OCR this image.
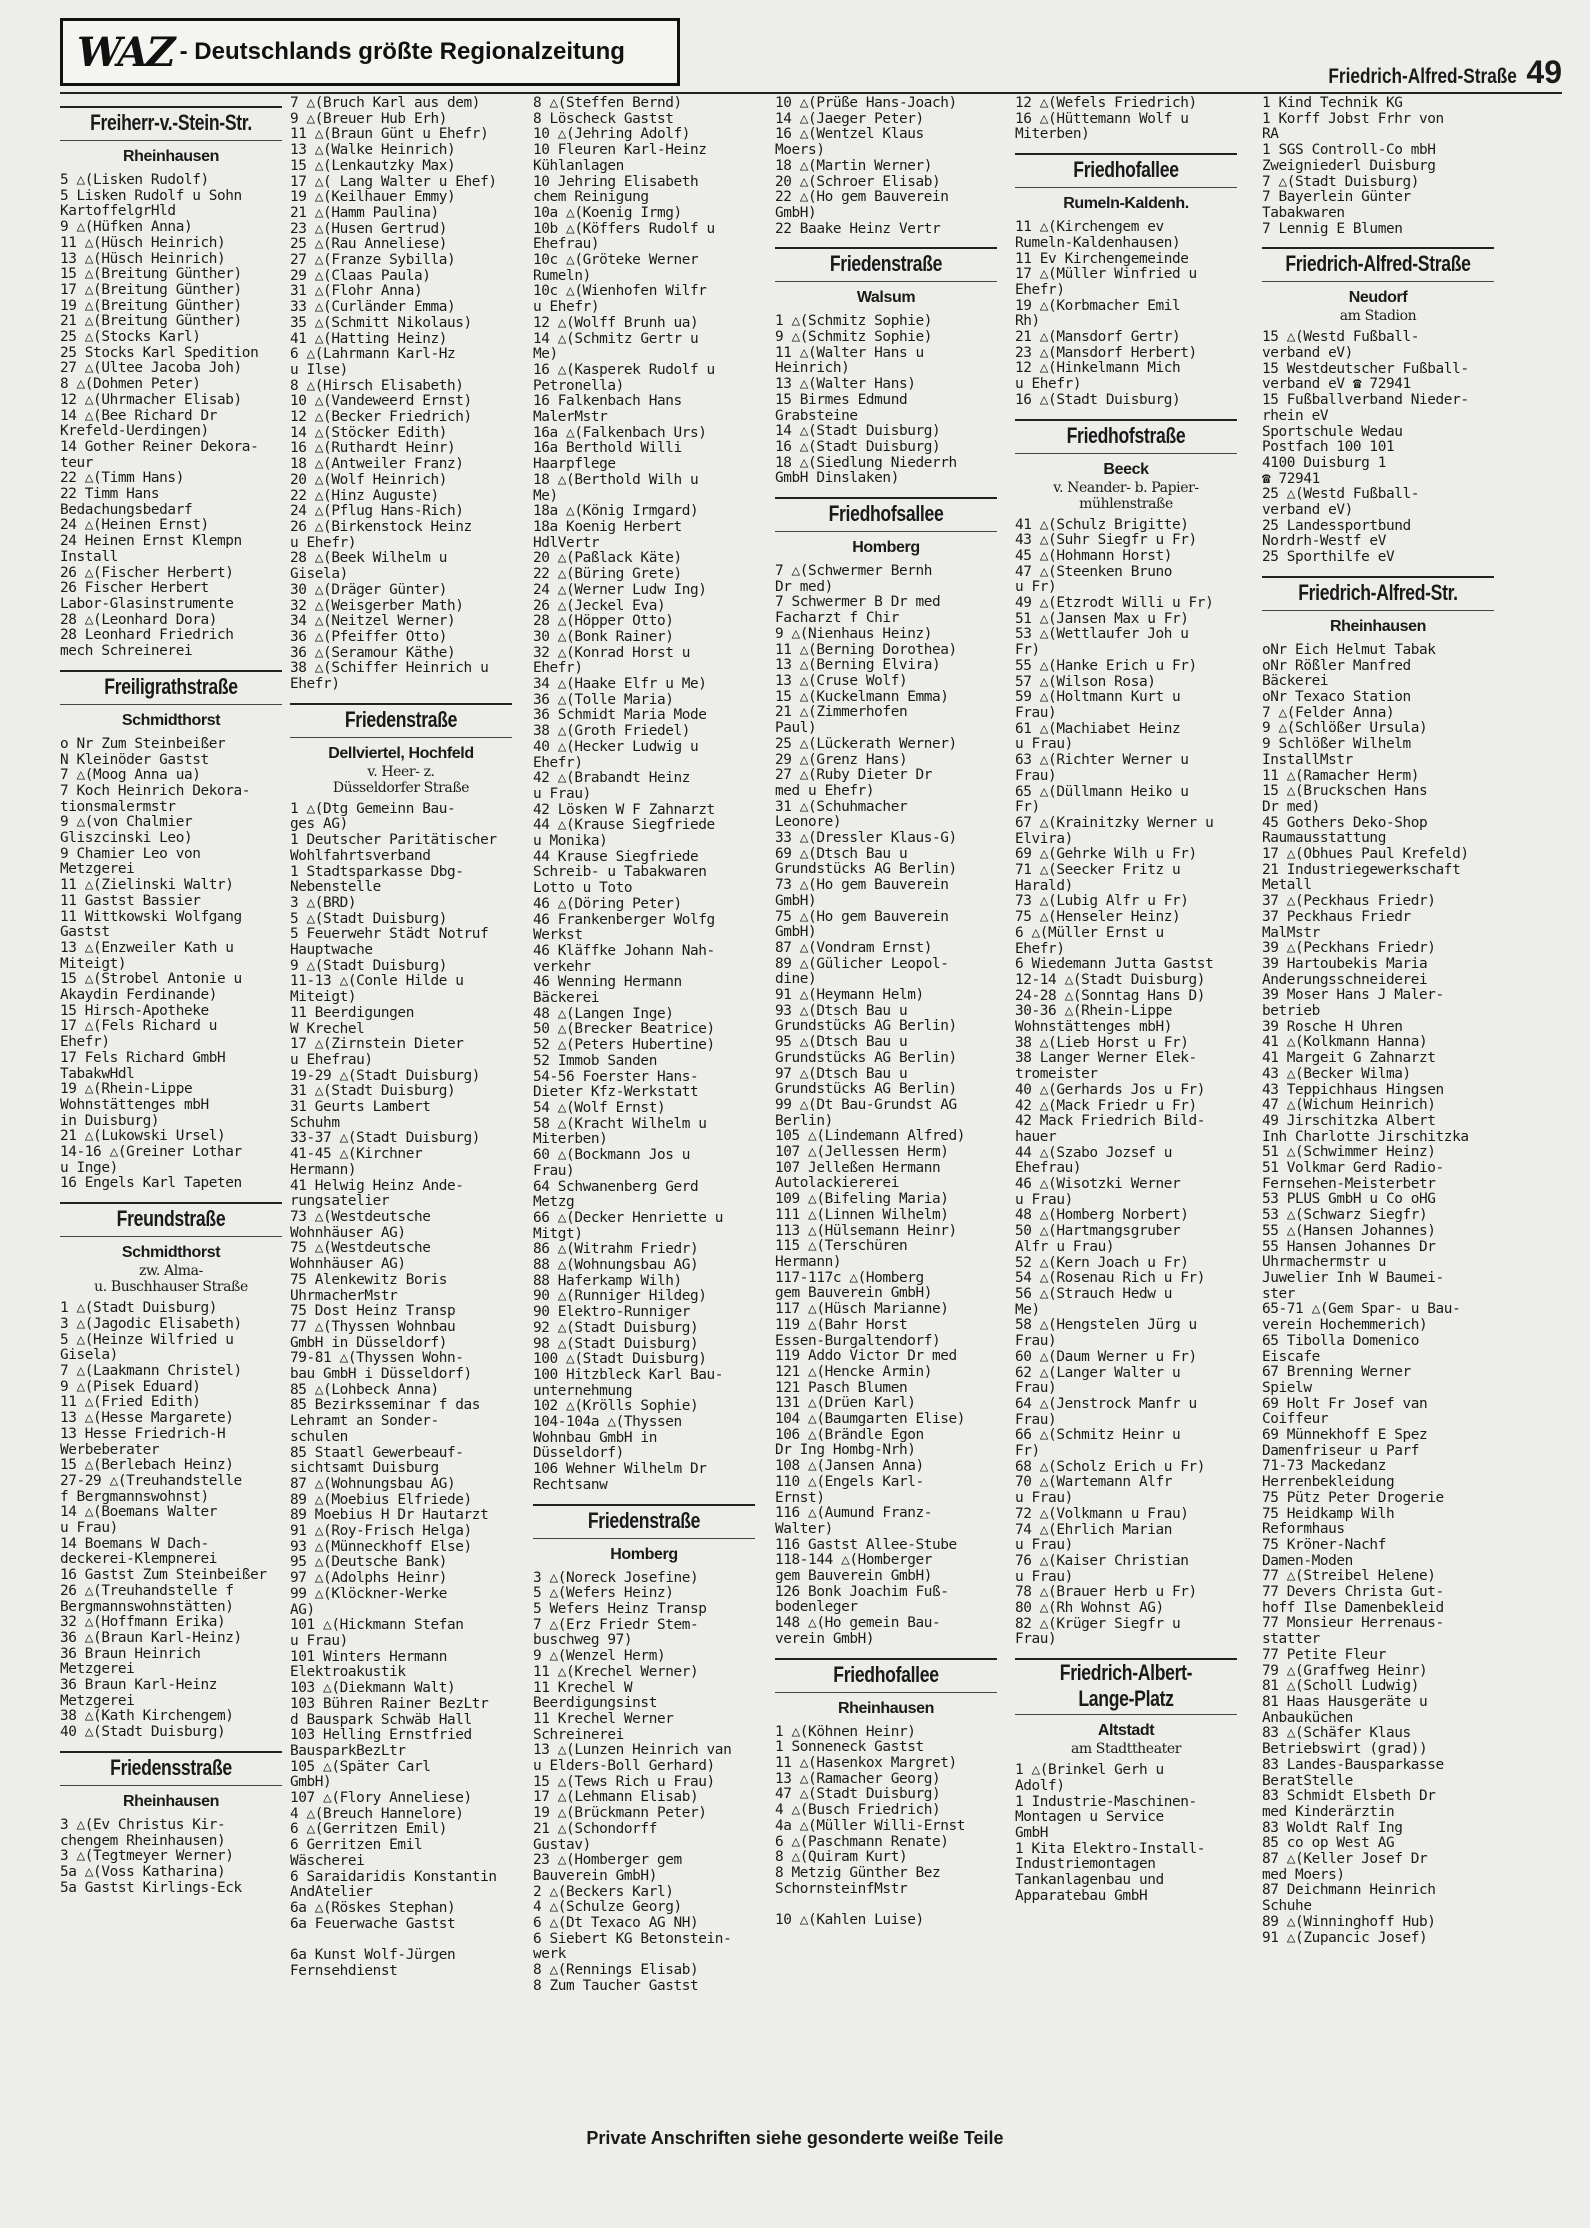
WAZ - Deutschlands größte Regionalzeitung
Friedrich-Alfred-Straße 49
Freiherr-v.-Stein-Str.
Rheinhausen

5 △(Lisken Rudolf)
5 Lisken Rudolf u Sohn
KartoffelgrHld
9 △(Hüfken Anna)
11 △(Hüsch Heinrich)
13 △(Hüsch Heinrich)
15 △(Breitung Günther)
17 △(Breitung Günther)
19 △(Breitung Günther)
21 △(Breitung Günther)
25 △(Stocks Karl)
25 Stocks Karl Spedition
27 △(Ultee Jacoba Joh)
8 △(Dohmen Peter)
12 △(Uhrmacher Elisab)
14 △(Bee Richard Dr
Krefeld-Uerdingen)
14 Gother Reiner Dekora-
teur
22 △(Timm Hans)
22 Timm Hans
Bedachungsbedarf
24 △(Heinen Ernst)
24 Heinen Ernst Klempn
Install
26 △(Fischer Herbert)
26 Fischer Herbert
Labor-Glasinstrumente
28 △(Leonhard Dora)
28 Leonhard Friedrich
mech Schreinerei
Freiligrathstraße
Schmidthorst

o Nr Zum Steinbeißer
N Kleinöder Gastst
7 △(Moog Anna ua)
7 Koch Heinrich Dekora-
tionsmalermstr
9 △(von Chalmier
Gliszcinski Leo)
9 Chamier Leo von
Metzgerei
11 △(Zielinski Waltr)
11 Gastst Bassier
11 Wittkowski Wolfgang
Gastst
13 △(Enzweiler Kath u
Miteigt)
15 △(Strobel Antonie u
Akaydin Ferdinande)
15 Hirsch-Apotheke
17 △(Fels Richard u
Ehefr)
17 Fels Richard GmbH
TabakwHdl
19 △(Rhein-Lippe
Wohnstättenges mbH
in Duisburg)
21 △(Lukowski Ursel)
14-16 △(Greiner Lothar
u Inge)
16 Engels Karl Tapeten
Freundstraße
Schmidthorst
zw. Alma-
u. Buschhauser Straße

1 △(Stadt Duisburg)
3 △(Jagodic Elisabeth)
5 △(Heinze Wilfried u
Gisela)
7 △(Laakmann Christel)
9 △(Pisek Eduard)
11 △(Fried Edith)
13 △(Hesse Margarete)
13 Hesse Friedrich-H
Werbeberater
15 △(Berlebach Heinz)
27-29 △(Treuhandstelle
f Bergmannswohnst)
14 △(Boemans Walter
u Frau)
14 Boemans W Dach-
deckerei-Klempnerei
16 Gastst Zum Steinbeißer
26 △(Treuhandstelle f
Bergmannswohnstätten)
32 △(Hoffmann Erika)
36 △(Braun Karl-Heinz)
36 Braun Heinrich
Metzgerei
36 Braun Karl-Heinz
Metzgerei
38 △(Kath Kirchengem)
40 △(Stadt Duisburg)
Friedensstraße
Rheinhausen

3 △(Ev Christus Kir-
chengem Rheinhausen)
3 △(Tegtmeyer Werner)
5a △(Voss Katharina)
5a Gastst Kirlings-Eck
7 △(Bruch Karl aus dem)
9 △(Breuer Hub Erh)
11 △(Braun Günt u Ehefr)
13 △(Walke Heinrich)
15 △(Lenkautzky Max)
17 △( Lang Walter u Ehef)
19 △(Keilhauer Emmy)
21 △(Hamm Paulina)
23 △(Husen Gertrud)
25 △(Rau Anneliese)
27 △(Franze Sybilla)
29 △(Claas Paula)
31 △(Flohr Anna)
33 △(Curländer Emma)
35 △(Schmitt Nikolaus)
41 △(Hatting Heinz)
6 △(Lahrmann Karl-Hz
u Ilse)
8 △(Hirsch Elisabeth)
10 △(Vandeweerd Ernst)
12 △(Becker Friedrich)
14 △(Stöcker Edith)
16 △(Ruthardt Heinr)
18 △(Antweiler Franz)
20 △(Wolf Heinrich)
22 △(Hinz Auguste)
24 △(Pflug Hans-Rich)
26 △(Birkenstock Heinz
u Ehefr)
28 △(Beek Wilhelm u
Gisela)
30 △(Dräger Günter)
32 △(Weisgerber Math)
34 △(Neitzel Werner)
36 △(Pfeiffer Otto)
36 △(Seramour Käthe)
38 △(Schiffer Heinrich u
Ehefr)
Friedenstraße
Dellviertel, Hochfeld
v. Heer- z.
Düsseldorfer Straße

1 △(Dtg Gemeinn Bau-
ges AG)
1 Deutscher Paritätischer
Wohlfahrtsverband
1 Stadtsparkasse Dbg-
Nebenstelle
3 △(BRD)
5 △(Stadt Duisburg)
5 Feuerwehr Städt Notruf
Hauptwache
9 △(Stadt Duisburg)
11-13 △(Conle Hilde u
Miteigt)
11 Beerdigungen
W Krechel
17 △(Zirnstein Dieter
u Ehefrau)
19-29 △(Stadt Duisburg)
31 △(Stadt Duisburg)
31 Geurts Lambert
Schuhm
33-37 △(Stadt Duisburg)
41-45 △(Kirchner
Hermann)
41 Helwig Heinz Ande-
rungsatelier
73 △(Westdeutsche
Wohnhäuser AG)
75 △(Westdeutsche
Wohnhäuser AG)
75 Alenkewitz Boris
UhrmacherMstr
75 Dost Heinz Transp
77 △(Thyssen Wohnbau
GmbH in Düsseldorf)
79-81 △(Thyssen Wohn-
bau GmbH i Düsseldorf)
85 △(Lohbeck Anna)
85 Bezirksseminar f das
Lehramt an Sonder-
schulen
85 Staatl Gewerbeauf-
sichtsamt Duisburg
87 △(Wohnungsbau AG)
89 △(Moebius Elfriede)
89 Moebius H Dr Hautarzt
91 △(Roy-Frisch Helga)
93 △(Münneckhoff Else)
95 △(Deutsche Bank)
97 △(Adolphs Heinr)
99 △(Klöckner-Werke
AG)
101 △(Hickmann Stefan
u Frau)
101 Winters Hermann
Elektroakustik
103 △(Diekmann Walt)
103 Bühren Rainer BezLtr
d Bauspark Schwäb Hall
103 Helling Ernstfried
BausparkBezLtr
105 △(Später Carl
GmbH)
107 △(Flory Anneliese)
4 △(Breuch Hannelore)
6 △(Gerritzen Emil)
6 Gerritzen Emil
Wäscherei
6 Saraidaridis Konstantin
ÄndAtelier
6a △(Röskes Stephan)
6a Feuerwache Gastst

6a Kunst Wolf-Jürgen
Fernsehdienst
8 △(Steffen Bernd)
8 Löscheck Gastst
10 △(Jehring Adolf)
10 Fleuren Karl-Heinz
Kühlanlagen
10 Jehring Elisabeth
chem Reinigung
10a △(Koenig Irmg)
10b △(Köffers Rudolf u
Ehefrau)
10c △(Gröteke Werner
Rumeln)
10c △(Wienhofen Wilfr
u Ehefr)
12 △(Wolff Brunh ua)
14 △(Schmitz Gertr u
Me)
16 △(Kasperek Rudolf u
Petronella)
16 Falkenbach Hans
MalerMstr
16a △(Falkenbach Urs)
16a Berthold Willi
Haarpflege
18 △(Berthold Wilh u
Me)
18a △(König Irmgard)
18a Koenig Herbert
HdlVertr
20 △(Paßlack Käte)
22 △(Büring Grete)
24 △(Werner Ludw Ing)
26 △(Jeckel Eva)
28 △(Höpper Otto)
30 △(Bonk Rainer)
32 △(Konrad Horst u
Ehefr)
34 △(Haake Elfr u Me)
36 △(Tolle Maria)
36 Schmidt Maria Mode
38 △(Groth Friedel)
40 △(Hecker Ludwig u
Ehefr)
42 △(Brabandt Heinz
u Frau)
42 Lösken W F Zahnarzt
44 △(Krause Siegfriede
u Monika)
44 Krause Siegfriede
Schreib- u Tabakwaren
Lotto u Toto
46 △(Döring Peter)
46 Frankenberger Wolfg
Werkst
46 Kläffke Johann Nah-
verkehr
46 Wenning Hermann
Bäckerei
48 △(Langen Inge)
50 △(Brecker Beatrice)
52 △(Peters Hubertine)
52 Immob Sanden
54-56 Foerster Hans-
Dieter Kfz-Werkstatt
54 △(Wolf Ernst)
58 △(Kracht Wilhelm u
Miterben)
60 △(Bockmann Jos u
Frau)
64 Schwanenberg Gerd
Metzg
66 △(Decker Henriette u
Mitgt)
86 △(Witrahm Friedr)
88 △(Wohnungsbau AG)
88 Haferkamp Wilh)
90 △(Runniger Hildeg)
90 Elektro-Runniger
92 △(Stadt Duisburg)
98 △(Stadt Duisburg)
100 △(Stadt Duisburg)
100 Hitzbleck Karl Bau-
unternehmung
102 △(Krölls Sophie)
104-104a △(Thyssen
Wohnbau GmbH in
Düsseldorf)
106 Wehner Wilhelm Dr
Rechtsanw
Friedenstraße
Homberg

3 △(Noreck Josefine)
5 △(Wefers Heinz)
5 Wefers Heinz Transp
7 △(Erz Friedr Stem-
buschweg 97)
9 △(Wenzel Herm)
11 △(Krechel Werner)
11 Krechel W
Beerdigungsinst
11 Krechel Werner
Schreinerei
13 △(Lunzen Heinrich van
u Elders-Boll Gerhard)
15 △(Tews Rich u Frau)
17 △(Lehmann Elisab)
19 △(Brückmann Peter)
21 △(Schondorff
Gustav)
23 △(Homberger gem
Bauverein GmbH)
2 △(Beckers Karl)
4 △(Schulze Georg)
6 △(Dt Texaco AG NH)
6 Siebert KG Betonstein-
werk
8 △(Rennings Elisab)
8 Zum Taucher Gastst
10 △(Prüße Hans-Joach)
14 △(Jaeger Peter)
16 △(Wentzel Klaus
Moers)
18 △(Martin Werner)
20 △(Schroer Elisab)
22 △(Ho gem Bauverein
GmbH)
22 Baake Heinz Vertr
Friedenstraße
Walsum

1 △(Schmitz Sophie)
9 △(Schmitz Sophie)
11 △(Walter Hans u
Heinrich)
13 △(Walter Hans)
15 Birmes Edmund
Grabsteine
14 △(Stadt Duisburg)
16 △(Stadt Duisburg)
18 △(Siedlung Niederrh
GmbH Dinslaken)
Friedhofsallee
Homberg

7 △(Schwermer Bernh
Dr med)
7 Schwermer B Dr med
Facharzt f Chir
9 △(Nienhaus Heinz)
11 △(Berning Dorothea)
13 △(Berning Elvira)
13 △(Cruse Wolf)
15 △(Kuckelmann Emma)
21 △(Zimmerhofen
Paul)
25 △(Lückerath Werner)
29 △(Grenz Hans)
27 △(Ruby Dieter Dr
med u Ehefr)
31 △(Schuhmacher
Leonore)
33 △(Dressler Klaus-G)
69 △(Dtsch Bau u
Grundstücks AG Berlin)
73 △(Ho gem Bauverein
GmbH)
75 △(Ho gem Bauverein
GmbH)
87 △(Vondram Ernst)
89 △(Gülicher Leopol-
dine)
91 △(Heymann Helm)
93 △(Dtsch Bau u
Grundstücks AG Berlin)
95 △(Dtsch Bau u
Grundstücks AG Berlin)
97 △(Dtsch Bau u
Grundstücks AG Berlin)
99 △(Dt Bau-Grundst AG
Berlin)
105 △(Lindemann Alfred)
107 △(Jellessen Herm)
107 Jelleßen Hermann
Autolackiererei
109 △(Bifeling Maria)
111 △(Linnen Wilhelm)
113 △(Hülsemann Heinr)
115 △(Terschüren
Hermann)
117-117c △(Homberg
gem Bauverein GmbH)
117 △(Hüsch Marianne)
119 △(Bahr Horst
Essen-Burgaltendorf)
119 Addo Victor Dr med
121 △(Hencke Armin)
121 Pasch Blumen
131 △(Drüen Karl)
104 △(Baumgarten Elise)
106 △(Brändle Egon
Dr Ing Hombg-Nrh)
108 △(Jansen Anna)
110 △(Engels Karl-
Ernst)
116 △(Aumund Franz-
Walter)
116 Gastst Allee-Stube
118-144 △(Homberger
gem Bauverein GmbH)
126 Bonk Joachim Fuß-
bodenleger
148 △(Ho gemein Bau-
verein GmbH)
Friedhofallee
Rheinhausen

1 △(Köhnen Heinr)
1 Sonneneck Gastst
11 △(Hasenkox Margret)
13 △(Ramacher Georg)
47 △(Stadt Duisburg)
4 △(Busch Friedrich)
4a △(Müller Willi-Ernst
6 △(Paschmann Renate)
8 △(Quiram Kurt)
8 Metzig Günther Bez
SchornsteinfMstr

10 △(Kahlen Luise)
12 △(Wefels Friedrich)
16 △(Hüttemann Wolf u
Miterben)
Friedhofallee
Rumeln-Kaldenh.

11 △(Kirchengem ev
Rumeln-Kaldenhausen)
11 Ev Kirchengemeinde
17 △(Müller Winfried u
Ehefr)
19 △(Korbmacher Emil
Rh)
21 △(Mansdorf Gertr)
23 △(Mansdorf Herbert)
12 △(Hinkelmann Mich
u Ehefr)
16 △(Stadt Duisburg)
Friedhofstraße
Beeck
v. Neander- b. Papier-
mühlenstraße

41 △(Schulz Brigitte)
43 △(Suhr Siegfr u Fr)
45 △(Hohmann Horst)
47 △(Steenken Bruno
u Fr)
49 △(Etzrodt Willi u Fr)
51 △(Jansen Max u Fr)
53 △(Wettlaufer Joh u
Fr)
55 △(Hanke Erich u Fr)
57 △(Wilson Rosa)
59 △(Holtmann Kurt u
Frau)
61 △(Machiabet Heinz
u Frau)
63 △(Richter Werner u
Frau)
65 △(Düllmann Heiko u
Fr)
67 △(Krainitzky Werner u
Elvira)
69 △(Gehrke Wilh u Fr)
71 △(Seecker Fritz u
Harald)
73 △(Lubig Alfr u Fr)
75 △(Henseler Heinz)
6 △(Müller Ernst u
Ehefr)
6 Wiedemann Jutta Gastst
12-14 △(Stadt Duisburg)
24-28 △(Sonntag Hans D)
30-36 △(Rhein-Lippe
Wohnstättenges mbH)
38 △(Lieb Horst u Fr)
38 Langer Werner Elek-
tromeister
40 △(Gerhards Jos u Fr)
42 △(Mack Friedr u Fr)
42 Mack Friedrich Bild-
hauer
44 △(Szabo Jozsef u
Ehefrau)
46 △(Wisotzki Werner
u Frau)
48 △(Homberg Norbert)
50 △(Hartmangsgruber
Alfr u Frau)
52 △(Kern Joach u Fr)
54 △(Rosenau Rich u Fr)
56 △(Strauch Hedw u
Me)
58 △(Hengstelen Jürg u
Frau)
60 △(Daum Werner u Fr)
62 △(Langer Walter u
Frau)
64 △(Jenstrock Manfr u
Frau)
66 △(Schmitz Heinr u
Fr)
68 △(Scholz Erich u Fr)
70 △(Wartemann Alfr
u Frau)
72 △(Volkmann u Frau)
74 △(Ehrlich Marian
u Frau)
76 △(Kaiser Christian
u Frau)
78 △(Brauer Herb u Fr)
80 △(Rh Wohnst AG)
82 △(Krüger Siegfr u
Frau)
Friedrich-Albert-
Lange-Platz
Altstadt
am Stadttheater

1 △(Brinkel Gerh u
Adolf)
1 Industrie-Maschinen-
Montagen u Service
GmbH
1 Kita Elektro-Install-
Industriemontagen
Tankanlagenbau und
Apparatebau GmbH
1 Kind Technik KG
1 Korff Jobst Frhr von
RA
1 SGS Controll-Co mbH
Zweigniederl Duisburg
7 △(Stadt Duisburg)
7 Bayerlein Günter
Tabakwaren
7 Lennig E Blumen
Friedrich-Alfred-Straße
Neudorf
am Stadion

15 △(Westd Fußball-
verband eV)
15 Westdeutscher Fußball-
verband eV ☎ 72941
15 Fußballverband Nieder-
rhein eV
Sportschule Wedau
Postfach 100 101
4100 Duisburg 1
☎ 72941
25 △(Westd Fußball-
verband eV)
25 Landessportbund
Nordrh-Westf eV
25 Sporthilfe eV
Friedrich-Alfred-Str.
Rheinhausen

oNr Eich Helmut Tabak
oNr Rößler Manfred
Bäckerei
oNr Texaco Station
7 △(Felder Anna)
9 △(Schlößer Ursula)
9 Schlößer Wilhelm
InstallMstr
11 △(Ramacher Herm)
15 △(Bruckschen Hans
Dr med)
45 Gothers Deko-Shop
Raumausstattung
17 △(Obhues Paul Krefeld)
21 Industriegewerkschaft
Metall
37 △(Peckhaus Friedr)
37 Peckhaus Friedr
MalMstr
39 △(Peckhans Friedr)
39 Hartoubekis Maria
Änderungsschneiderei
39 Moser Hans J Maler-
betrieb
39 Rosche H Uhren
41 △(Kolkmann Hanna)
41 Margeit G Zahnarzt
43 △(Becker Wilma)
43 Teppichhaus Hingsen
47 △(Wichum Heinrich)
49 Jirschitzka Albert
Inh Charlotte Jirschitzka
51 △(Schwimmer Heinz)
51 Volkmar Gerd Radio-
Fernsehen-Meisterbetr
53 PLUS GmbH u Co oHG
53 △(Schwarz Siegfr)
55 △(Hansen Johannes)
55 Hansen Johannes Dr
Uhrmachermstr u
Juwelier Inh W Baumei-
ster
65-71 △(Gem Spar- u Bau-
verein Hochemmerich)
65 Tibolla Domenico
Eiscafe
67 Brenning Werner
Spielw
69 Holt Fr Josef van
Coiffeur
69 Münnekhoff E Spez
Damenfriseur u Parf
71-73 Mackedanz
Herrenbekleidung
75 Pütz Peter Drogerie
75 Heidkamp Wilh
Reformhaus
75 Kröner-Nachf
Damen-Moden
77 △(Streibel Helene)
77 Devers Christa Gut-
hoff Ilse Damenbekleid
77 Monsieur Herrenaus-
statter
77 Petite Fleur
79 △(Graffweg Heinr)
81 △(Scholl Ludwig)
81 Haas Hausgeräte u
Anbauküchen
83 △(Schäfer Klaus
Betriebswirt (grad))
83 Landes-Bausparkasse
BeratStelle
83 Schmidt Elsbeth Dr
med Kinderärztin
83 Woldt Ralf Ing
85 co op West AG
87 △(Keller Josef Dr
med Moers)
87 Deichmann Heinrich
Schuhe
89 △(Winninghoff Hub)
91 △(Zupancic Josef)
Private Anschriften siehe gesonderte weiße Teile
